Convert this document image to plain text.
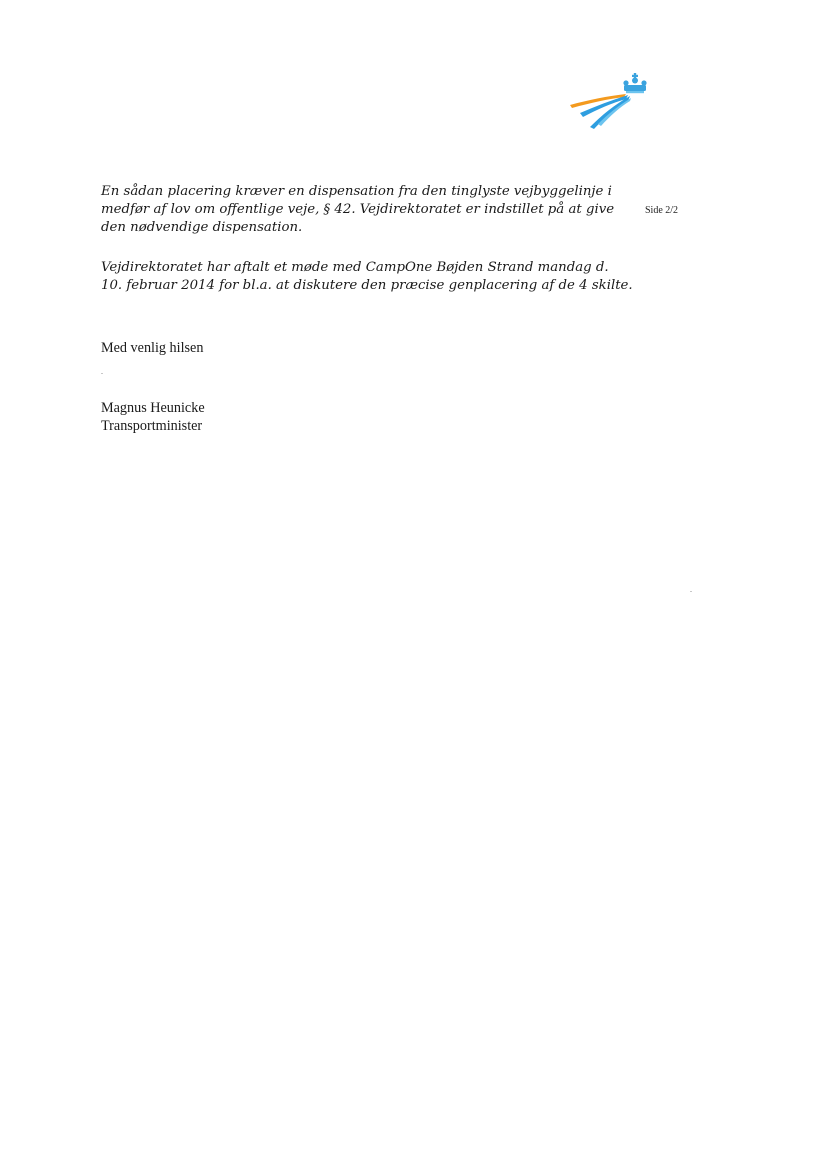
Side 2/2

En sådan placering kræver en dispensation fra den tinglyste vejbyggelinje i
medfør af lov om offentlige veje, § 42. Vejdirektoratet er indstillet på at give
den nødvendige dispensation.

Vejdirektoratet har aftalt et møde med CampOne Bøjden Strand mandag d.
10. februar 2014 for bl.a. at diskutere den præcise genplacering af de 4 skilte.

Med venlig hilsen

Magnus Heunicke
Transportminister
